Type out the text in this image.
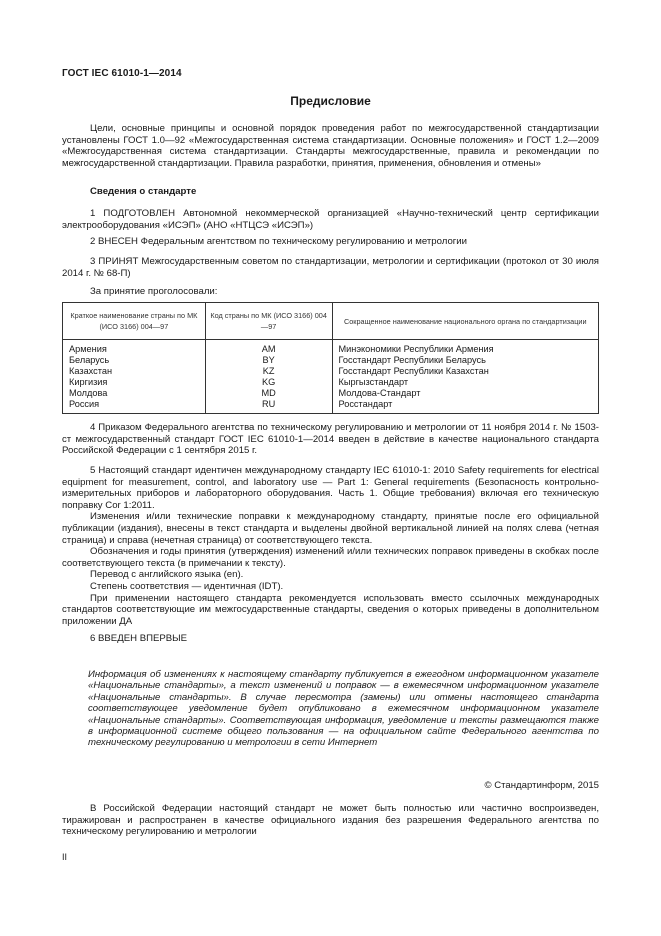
ГОСТ IEC 61010-1—2014
Предисловие

Цели, основные принципы и основной порядок проведения работ по межгосударственной стандартизации установлены ГОСТ 1.0—92 «Межгосударственная система стандартизации. Основные положения» и ГОСТ 1.2—2009 «Межгосударственная система стандартизации. Стандарты межгосударственные, правила и рекомендации по межгосударственной стандартизации. Правила разработки, принятия, применения, обновления и отмены»

Сведения о стандарте

1 ПОДГОТОВЛЕН Автономной некоммерческой организацией «Научно-технический центр сертификации электрооборудования «ИСЭП» (АНО «НТЦСЭ «ИСЭП»)

2 ВНЕСЕН Федеральным агентством по техническому регулированию и метрологии

3 ПРИНЯТ Межгосударственным советом по стандартизации, метрологии и сертификации (протокол от 30 июля 2014 г. № 68-П)

За принятие проголосовали:

Краткое наименование страны по МК (ИСО 3166) 004—97	Код страны по МК (ИСО 3166) 004—97	Сокращенное наименование национального органа по стандартизации
Армения	AM	Минэкономики Республики Армения
Беларусь	BY	Госстандарт Республики Беларусь
Казахстан	KZ	Госстандарт Республики Казахстан
Киргизия	KG	Кыргызстандарт
Молдова	MD	Молдова-Стандарт
Россия	RU	Росстандарт

4 Приказом Федерального агентства по техническому регулированию и метрологии от 11 ноября 2014 г. № 1503-ст межгосударственный стандарт ГОСТ IEC 61010-1—2014 введен в действие в качестве национального стандарта Российской Федерации с 1 сентября 2015 г.

5 Настоящий стандарт идентичен международному стандарту IEC 61010-1: 2010 Safety requirements for electrical equipment for measurement, control, and laboratory use — Part 1: General requirements (Безопасность контрольно-измерительных приборов и лабораторного оборудования. Часть 1. Общие требования) включая его техническую поправку Cor 1:2011.

Изменения и/или технические поправки к международному стандарту, принятые после его официальной публикации (издания), внесены в текст стандарта и выделены двойной вертикальной линией на полях слева (четная страница) и справа (нечетная страница) от соответствующего текста.

Обозначения и годы принятия (утверждения) изменений и/или технических поправок приведены в скобках после соответствующего текста (в примечании к тексту).

Перевод с английского языка (en).

Степень соответствия — идентичная (IDT).

При применении настоящего стандарта рекомендуется использовать вместо ссылочных международных стандартов соответствующие им межгосударственные стандарты, сведения о которых приведены в дополнительном приложении ДА

6 ВВЕДЕН ВПЕРВЫЕ

Информация об изменениях к настоящему стандарту публикуется в ежегодном информационном указателе «Национальные стандарты», а текст изменений и поправок — в ежемесячном информационном указателе «Национальные стандарты». В случае пересмотра (замены) или отмены настоящего стандарта соответствующее уведомление будет опубликовано в ежемесячном информационном указателе «Национальные стандарты». Соответствующая информация, уведомление и тексты размещаются также в информационной системе общего пользования — на официальном сайте Федерального агентства по техническому регулированию и метрологии в сети Интернет
© Стандартинформ, 2015

В Российской Федерации настоящий стандарт не может быть полностью или частично воспроизведен, тиражирован и распространен в качестве официального издания без разрешения Федерального агентства по техническому регулированию и метрологии

II
